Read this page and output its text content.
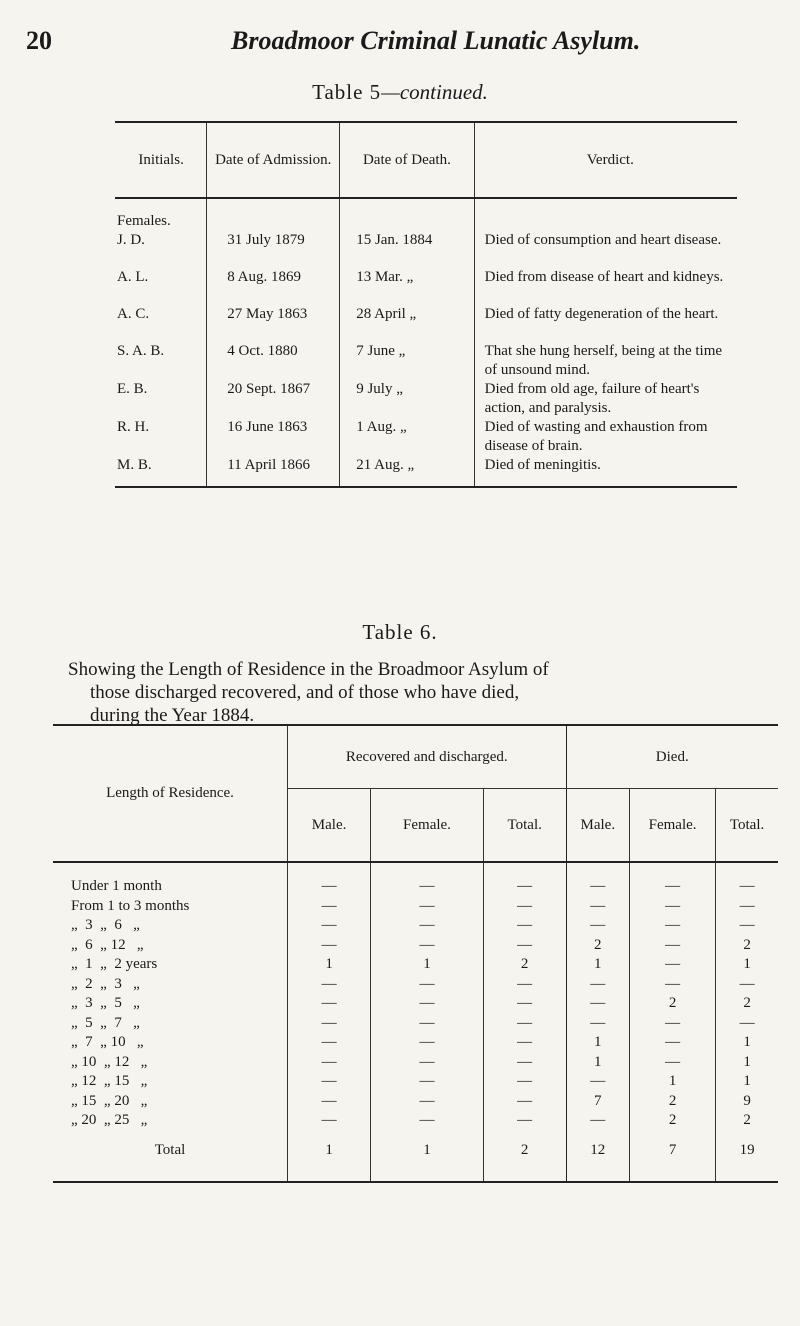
20	Broadmoor Criminal Lunatic Asylum.
Table 5—continued.
Initials.	Date of Admission.	Date of Death.	Verdict.
Females.			
J. D.	31 July 1879	15 Jan. 1884	Died of consumption and heart disease.
A. L.	8 Aug. 1869	13 Mar. „	Died from disease of heart and kidneys.
A. C.	27 May 1863	28 April „	Died of fatty degeneration of the heart.
S. A. B.	4 Oct. 1880	7 June „	That she hung herself, being at the time of unsound mind.
E. B.	20 Sept. 1867	9 July „	Died from old age, failure of heart's action, and paralysis.
R. H.	16 June 1863	1 Aug. „	Died of wasting and exhaustion from disease of brain.
M. B.	11 April 1866	21 Aug. „	Died of meningitis.
Table 6.
Showing the Length of Residence in the Broadmoor Asylum of
those discharged recovered, and of those who have died,
during the Year 1884.
Length of Residence.	Recovered and discharged.			Died.		
	Male.	Female.	Total.	Male.	Female.	Total.
Under 1 month	—	—	—	—	—	—
From 1 to 3 months	—	—	—	—	—	—
„  3  „  6   „	—	—	—	—	—	—
„  6  „ 12   „	—	—	—	2	—	2
„  1  „  2 years	1	1	2	1	—	1
„  2  „  3   „	—	—	—	—	—	—
„  3  „  5   „	—	—	—	—	2	2
„  5  „  7   „	—	—	—	—	—	—
„  7  „ 10   „	—	—	—	1	—	1
„ 10  „ 12   „	—	—	—	1	—	1
„ 12  „ 15   „	—	—	—	—	1	1
„ 15  „ 20   „	—	—	—	7	2	9
„ 20  „ 25   „	—	—	—	—	2	2
Total	1	1	2	12	7	19
